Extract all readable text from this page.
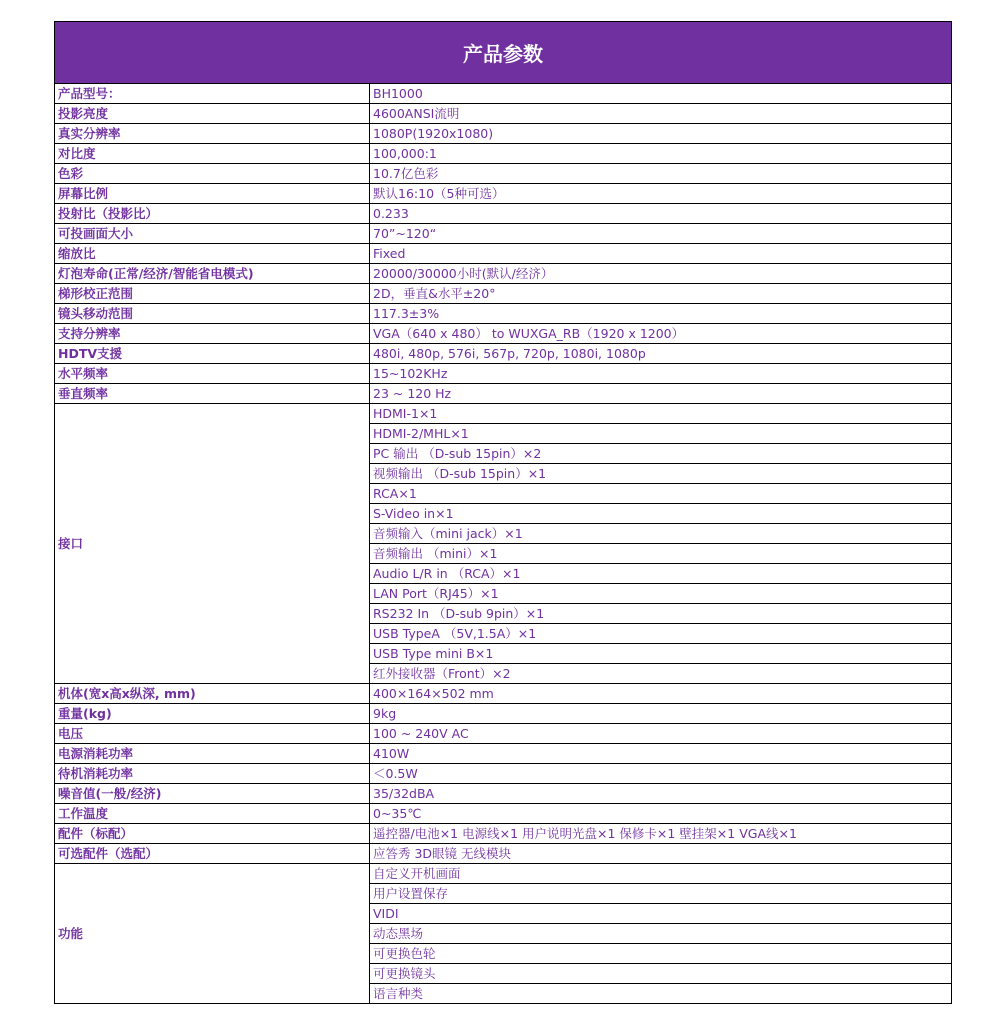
产品参数	
产品型号：	BH1000
投影亮度	4600ANSI流明
真实分辨率	1080P(1920x1080)
对比度	100,000:1
色彩	10.7亿色彩
屏幕比例	默认16:10（5种可选）
投射比（投影比）	0.233
可投画面大小	70”~120“
缩放比	Fixed
灯泡寿命(正常/经济/智能省电模式)	20000/30000小时(默认/经济）
梯形校正范围	2D，垂直&水平±20°
镜头移动范围	117.3±3%
支持分辨率	VGA（640 x 480） to WUXGA_RB（1920 x 1200）
HDTV支援	480i, 480p, 576i, 567p, 720p, 1080i, 1080p
水平频率	15~102KHz
垂直频率	23 ~ 120 Hz
接口	HDMI-1×1
	HDMI-2/MHL×1
	PC 输出 （D-sub 15pin）×2
	视频输出 （D-sub 15pin）×1
	RCA×1
	S-Video in×1
	音频输入（mini jack）×1
	音频输出 （mini）×1
	Audio L/R in （RCA）×1
	LAN Port（RJ45）×1
	RS232 In （D-sub 9pin）×1
	USB TypeA （5V,1.5A）×1
	USB Type mini B×1
	红外接收器（Front）×2
机体(宽x高x纵深, mm)	400×164×502 mm
重量(kg)	9kg
电压	100 ~ 240V AC
电源消耗功率	410W
待机消耗功率	＜0.5W
噪音值(一般/经济)	35/32dBA
工作温度	0~35℃
配件（标配）	遥控器/电池×1 电源线×1 用户说明光盘×1 保修卡×1 壁挂架×1 VGA线×1
可选配件（选配）	应答秀 3D眼镜 无线模块
功能	自定义开机画面
	用户设置保存
	VIDI
	动态黑场
	可更换色轮
	可更换镜头
	语言种类
